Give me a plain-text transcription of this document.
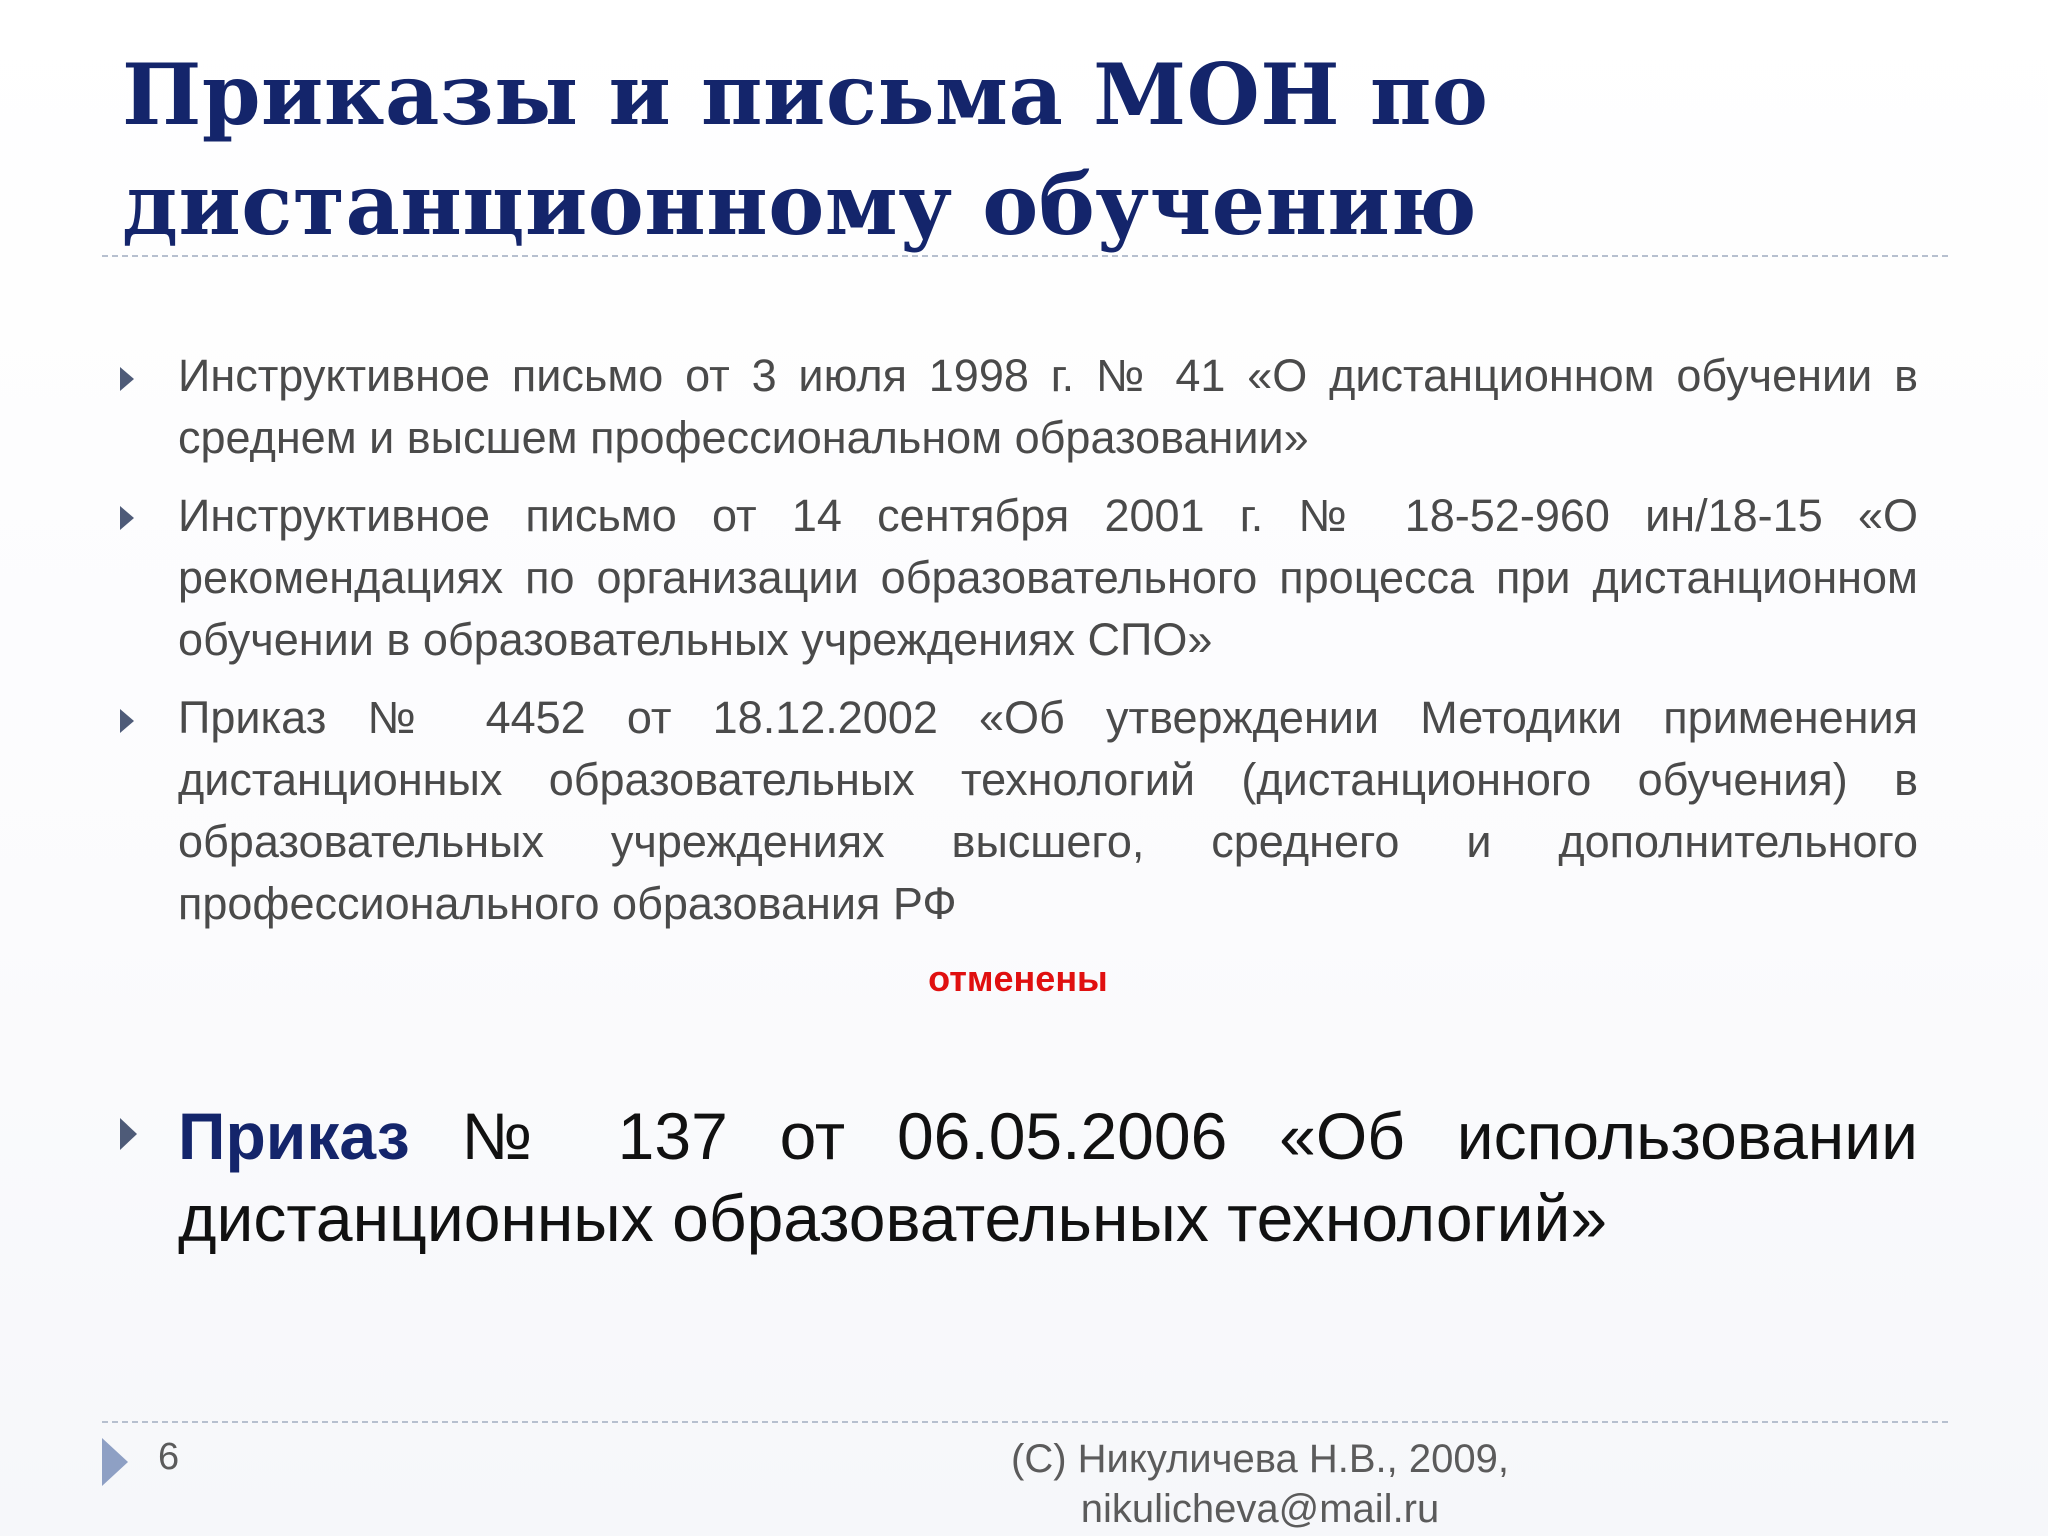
Приказы и письма МОН по дистанционному обучению

Инструктивное письмо от 3 июля 1998 г. № 41 «О дистанционном обучении в среднем и высшем профессиональном образовании»

Инструктивное письмо от 14 сентября 2001 г. № 18-52-960 ин/18-15 «О рекомендациях по организации образовательного процесса при дистанционном обучении в образовательных учреждениях СПО»

Приказ № 4452 от 18.12.2002 «Об утверждении Методики применения дистанционных образовательных технологий (дистанционного обучения) в образовательных учреждениях высшего, среднего и дополнительного профессионального образования РФ

Приказ № 137 от 06.05.2006 «Об использовании дистанционных образовательных технологий»

отменены
6	(С) Никуличева Н.В., 2009,
nikulicheva@mail.ru
